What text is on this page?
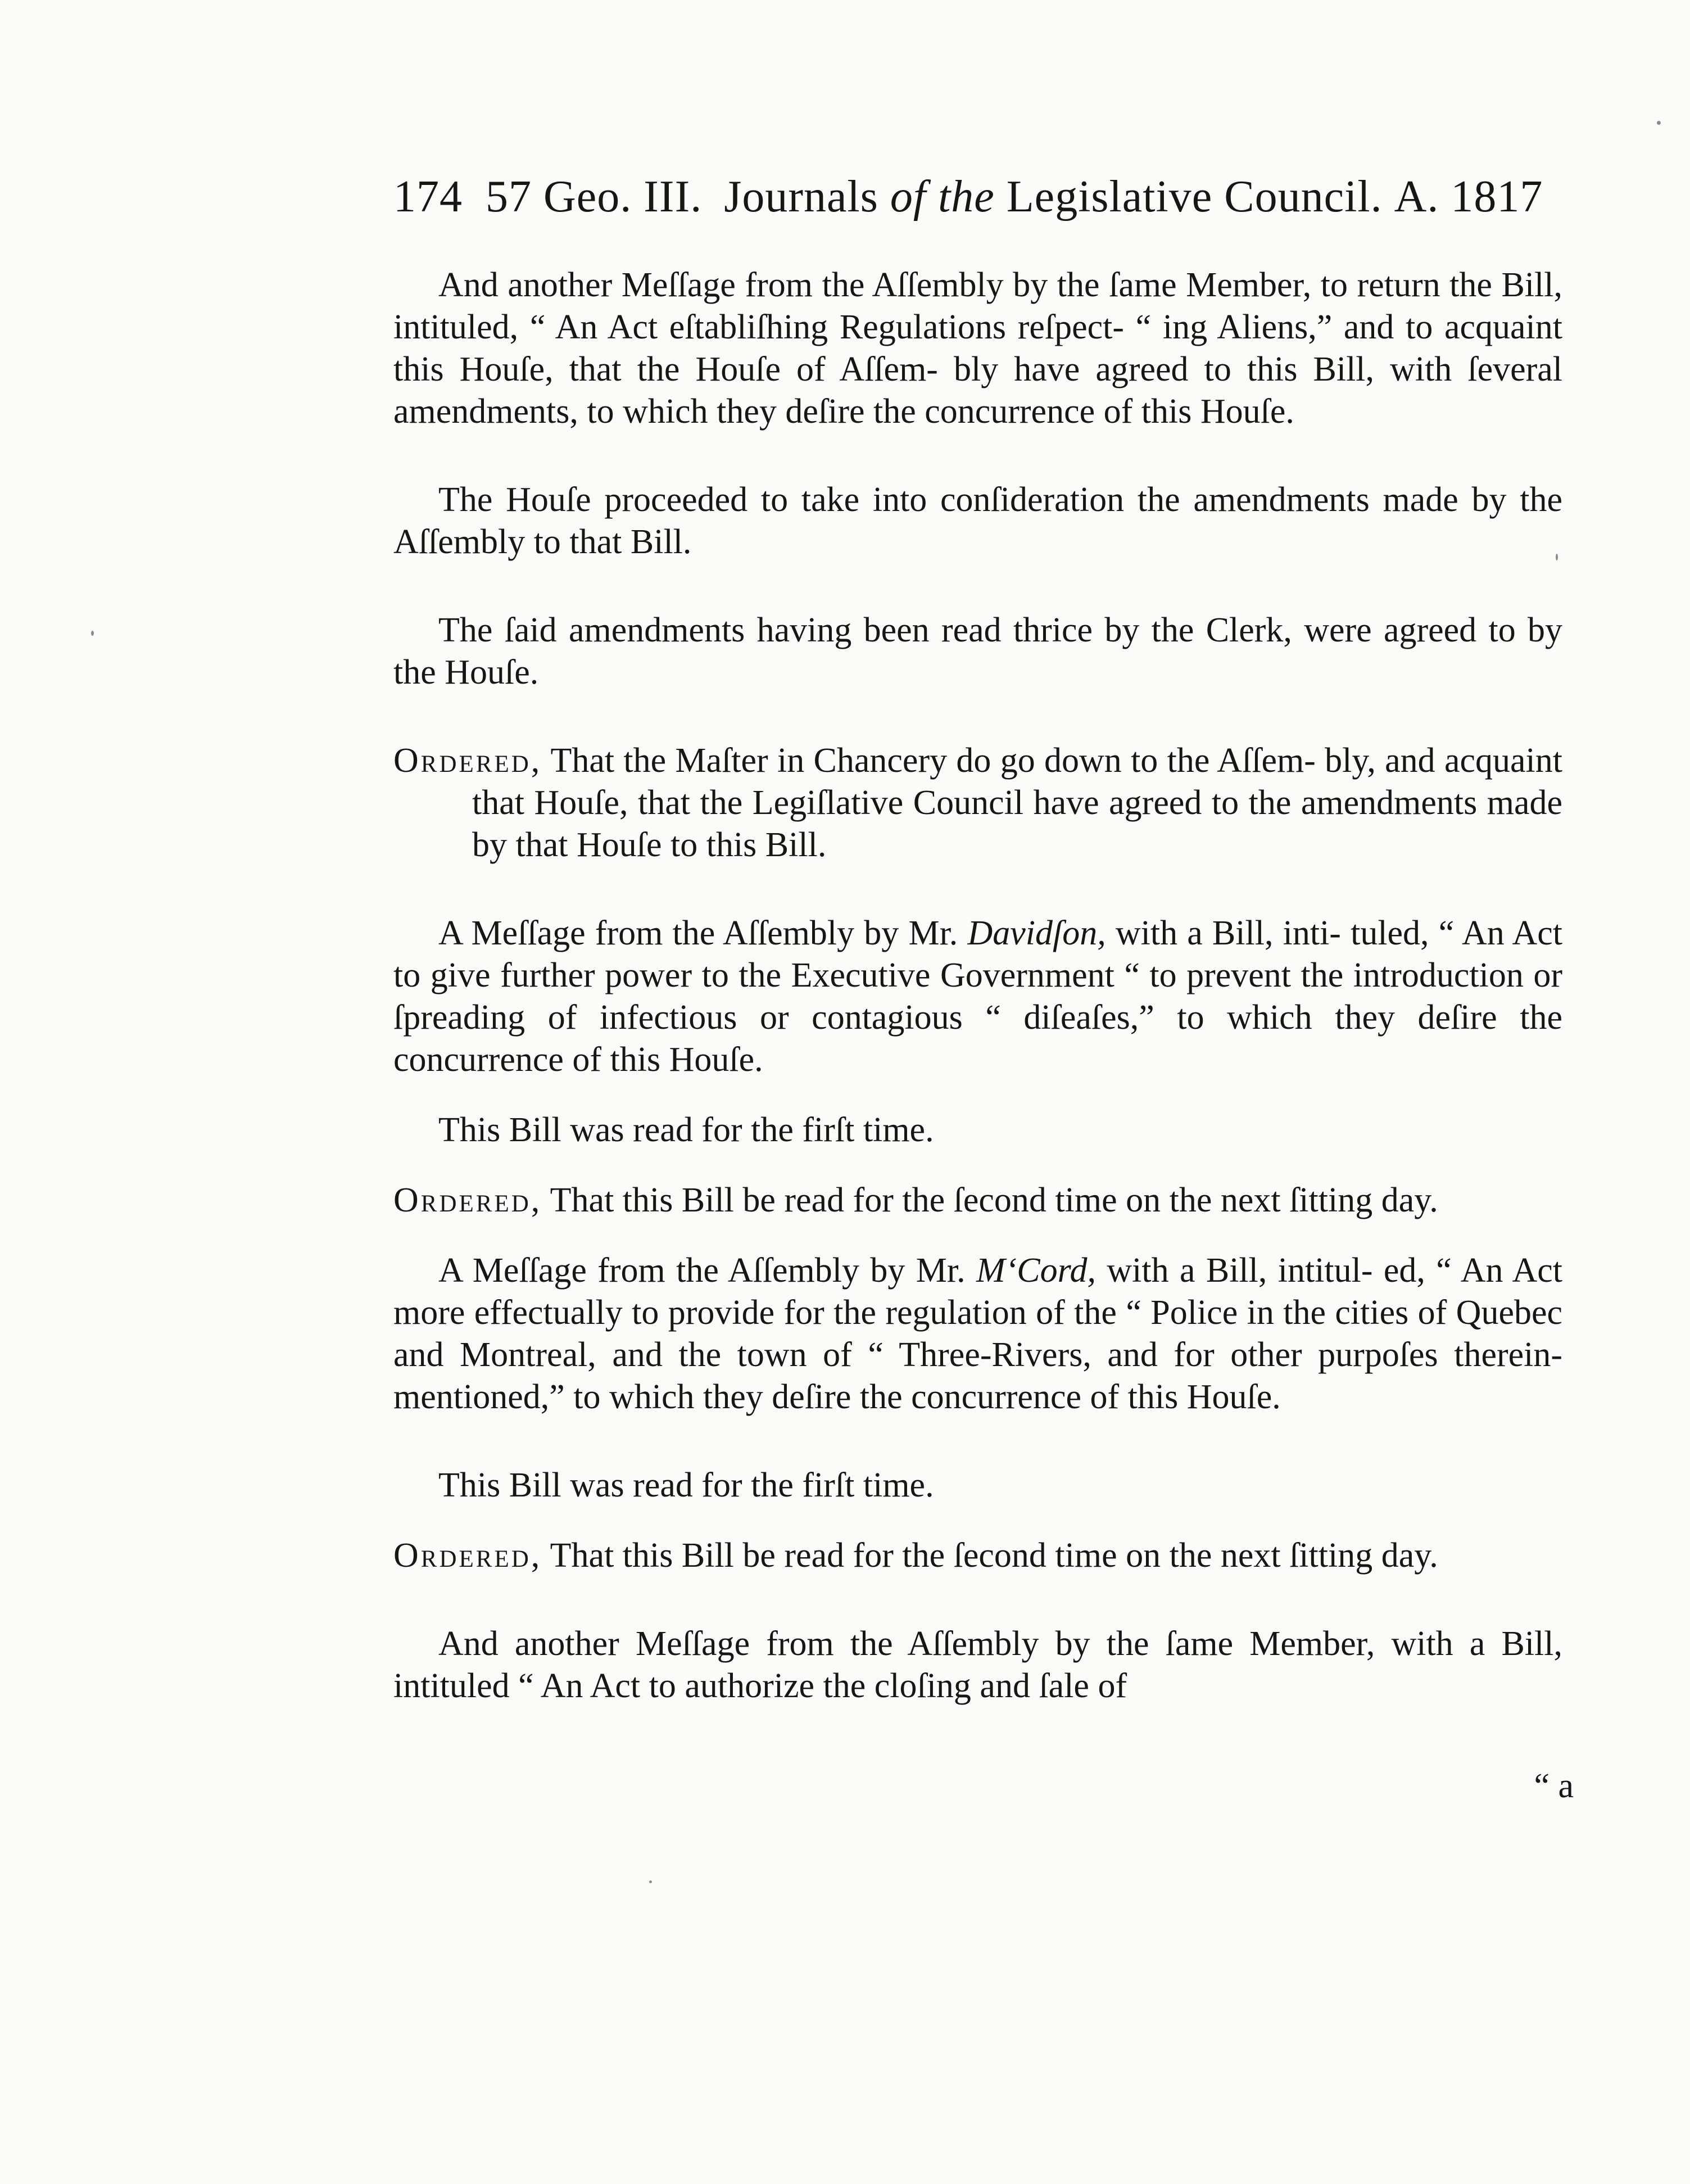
174 57 Geo. III. Journals of the Legislative Council. A. 1817

And another Meſſage from the Aſſembly by the ſame Member, to return the Bill, intituled, “ An Act eſtabliſhing Regulations reſpect- “ ing Aliens,” and to acquaint this Houſe, that the Houſe of Aſſem- bly have agreed to this Bill, with ſeveral amendments, to which they deſire the concurrence of this Houſe.

The Houſe proceeded to take into conſideration the amendments made by the Aſſembly to that Bill.

The ſaid amendments having been read thrice by the Clerk, were agreed to by the Houſe.

Ordered, That the Maſter in Chancery do go down to the Aſſem- bly, and acquaint that Houſe, that the Legiſlative Council have agreed to the amendments made by that Houſe to this Bill.

A Meſſage from the Aſſembly by Mr. Davidſon, with a Bill, inti- tuled, “ An Act to give further power to the Executive Government “ to prevent the introduction or ſpreading of infectious or contagious “ diſeaſes,” to which they deſire the concurrence of this Houſe.

This Bill was read for the firſt time.

Ordered, That this Bill be read for the ſecond time on the next ſitting day.

A Meſſage from the Aſſembly by Mr. M‘Cord, with a Bill, intitul- ed, “ An Act more effectually to provide for the regulation of the “ Police in the cities of Quebec and Montreal, and the town of “ Three-Rivers, and for other purpoſes therein-mentioned,” to which they deſire the concurrence of this Houſe.

This Bill was read for the firſt time.

Ordered, That this Bill be read for the ſecond time on the next ſitting day.

And another Meſſage from the Aſſembly by the ſame Member, with a Bill, intituled “ An Act to authorize the cloſing and ſale of

“ a
